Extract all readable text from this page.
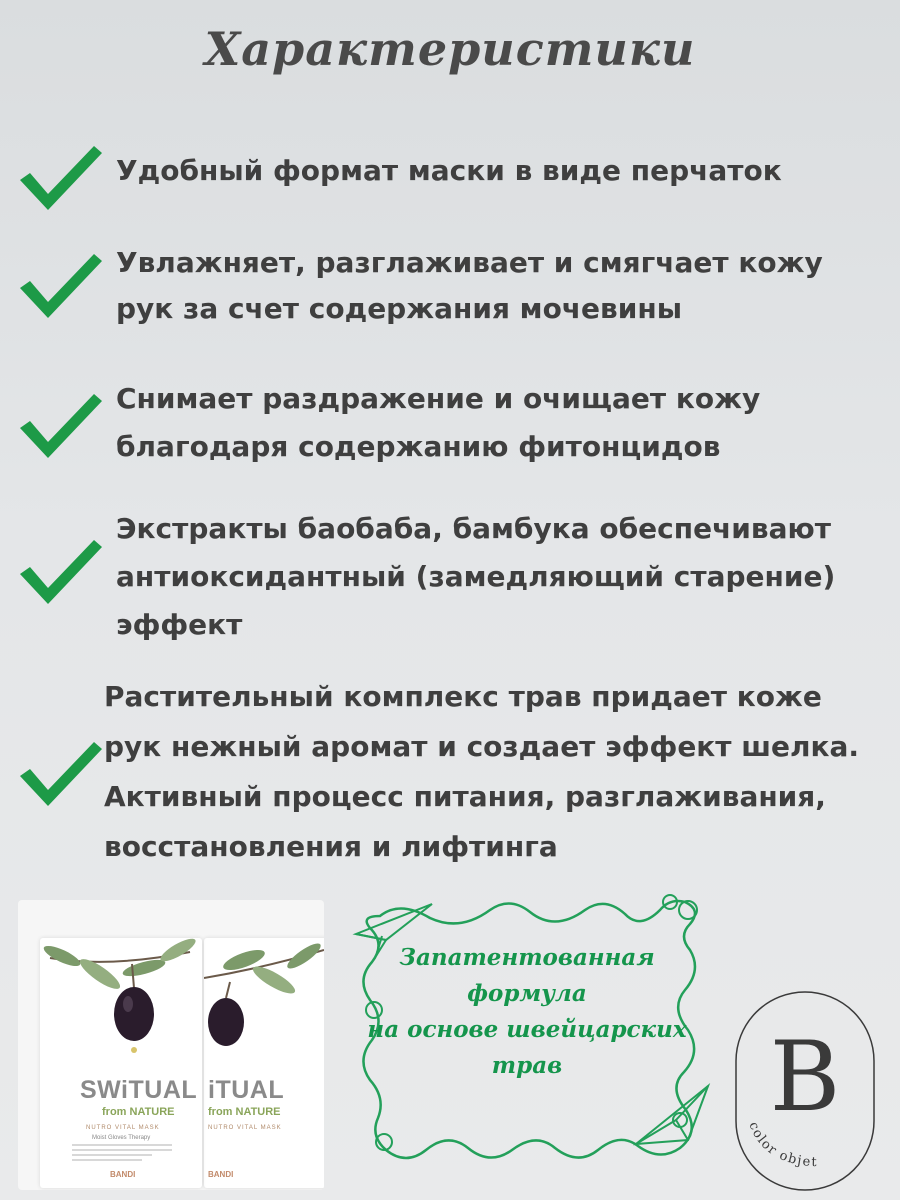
Характеристики
Удобный формат маски в виде перчаток
Увлажняет, разглаживает и смягчает кожу
рук за счет содержания мочевины
Снимает раздражение и очищает кожу
благодаря содержанию фитонцидов
Экстракты баобаба, бамбука обеспечивают
антиоксидантный (замедляющий старение)
эффект
Растительный комплекс трав придает коже
рук нежный аромат и создает эффект шелка.
Активный процесс питания, разглаживания,
восстановления и лифтинга
iTUAL
from NATURE
NUTRO VITAL MASK
BANDI
SWiTUAL
from NATURE
NUTRO VITAL MASK
Moist Gloves Therapy
BANDI
Запатентованная
формула
на основе швейцарских
трав	B
color objet
